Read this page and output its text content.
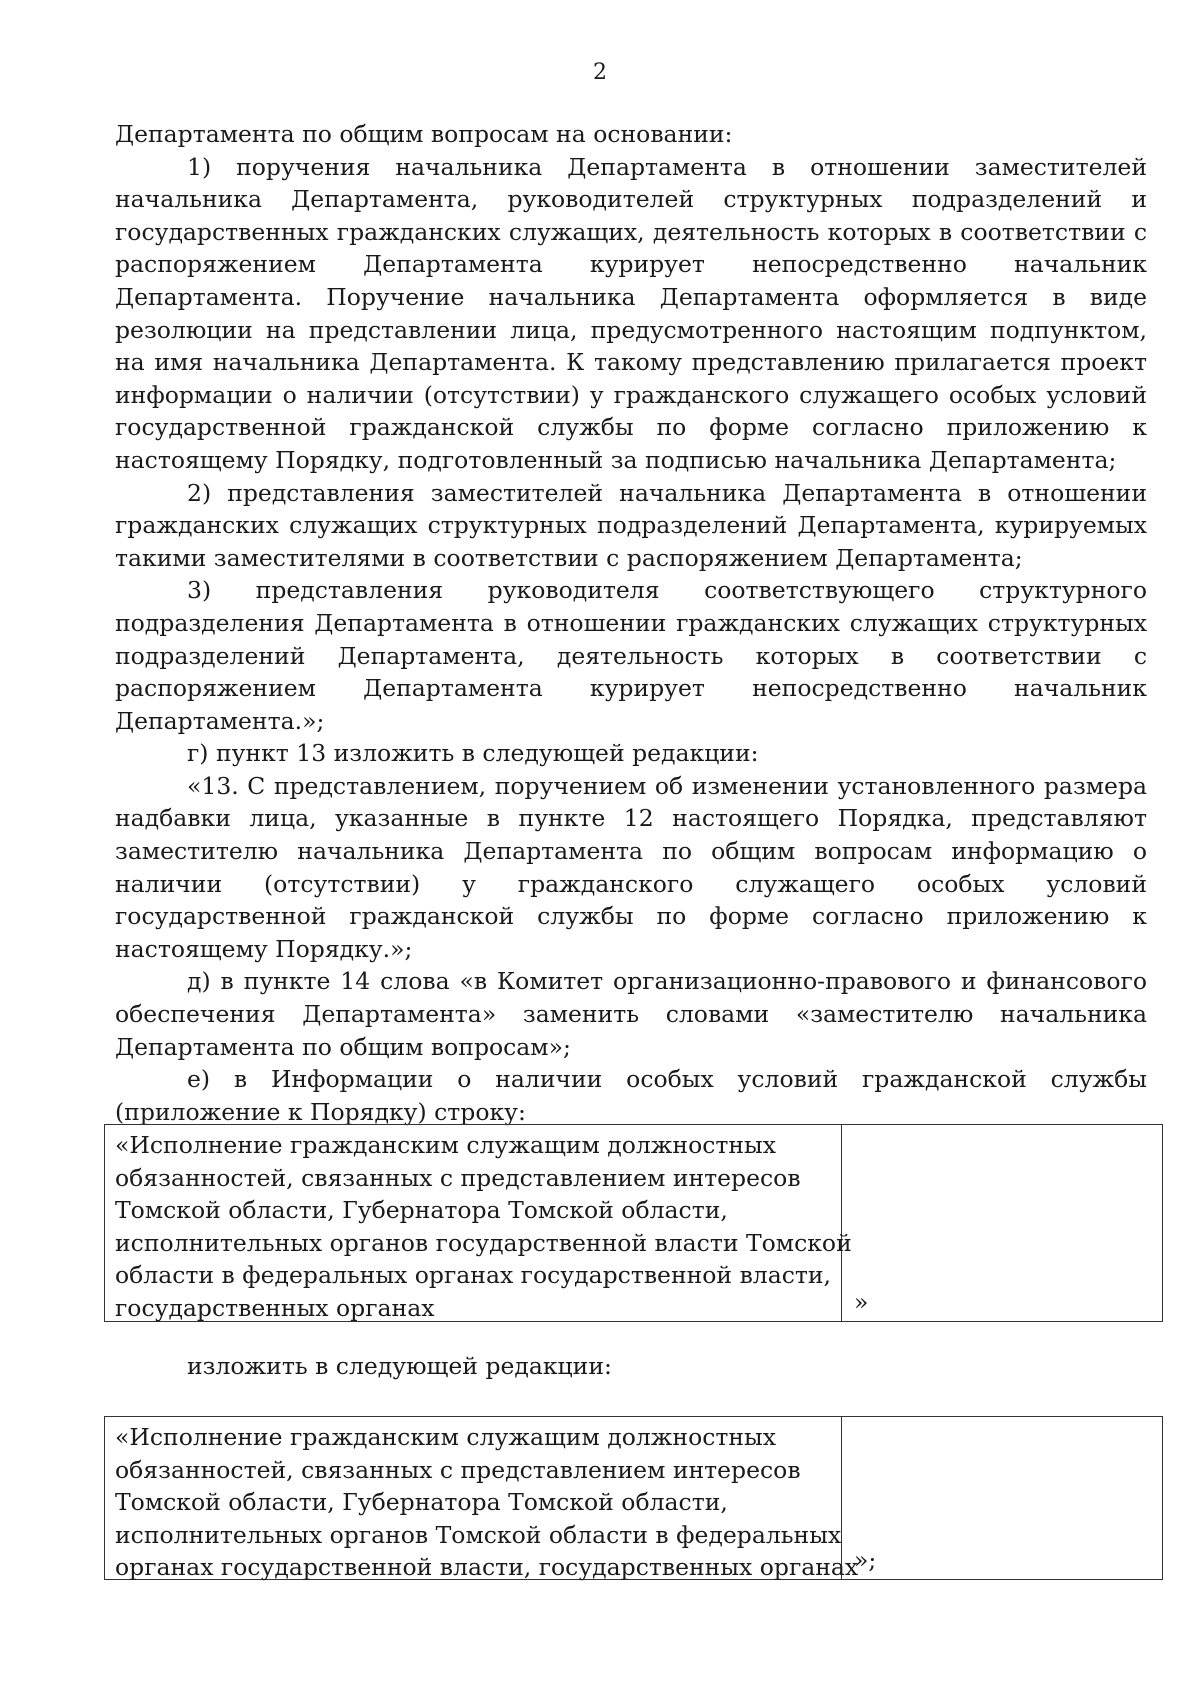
2

Департамента по общим вопросам на основании:

1) поручения начальника Департамента в отношении заместителей начальника Департамента, руководителей структурных подразделений и государственных гражданских служащих, деятельность которых в соответствии с распоряжением Департамента курирует непосредственно начальник Департамента. Поручение начальника Департамента оформляется в виде резолюции на представлении лица, предусмотренного настоящим подпунктом, на имя начальника Департамента. К такому представлению прилагается проект информации о наличии (отсутствии) у гражданского служащего особых условий государственной гражданской службы по форме согласно приложению к настоящему Порядку, подготовленный за подписью начальника Департамента;

2) представления заместителей начальника Департамента в отношении гражданских служащих структурных подразделений Департамента, курируемых такими заместителями в соответствии с распоряжением Департамента;

3) представления руководителя соответствующего структурного подразделения Департамента в отношении гражданских служащих структурных подразделений Департамента, деятельность которых в соответствии с распоряжением Департамента курирует непосредственно начальник Департамента.»;

г) пункт 13 изложить в следующей редакции:

«13. С представлением, поручением об изменении установленного размера надбавки лица, указанные в пункте 12 настоящего Порядка, представляют заместителю начальника Департамента по общим вопросам информацию о наличии (отсутствии) у гражданского служащего особых условий государственной гражданской службы по форме согласно приложению к настоящему Порядку.»;

д) в пункте 14 слова «в Комитет организационно-правового и финансового обеспечения Департамента» заменить словами «заместителю начальника Департамента по общим вопросам»;

е) в Информации о наличии особых условий гражданской службы (приложение к Порядку) строку:

«Исполнение гражданским служащим должностных
обязанностей, связанных с представлением интересов
Томской области, Губернатора Томской области,
исполнительных органов государственной власти Томской
области в федеральных органах государственной власти,
государственных органах	»
изложить в следующей редакции:
«Исполнение гражданским служащим должностных
обязанностей, связанных с представлением интересов
Томской области, Губернатора Томской области,
исполнительных органов Томской области в федеральных
органах государственной власти, государственных органах
»;
